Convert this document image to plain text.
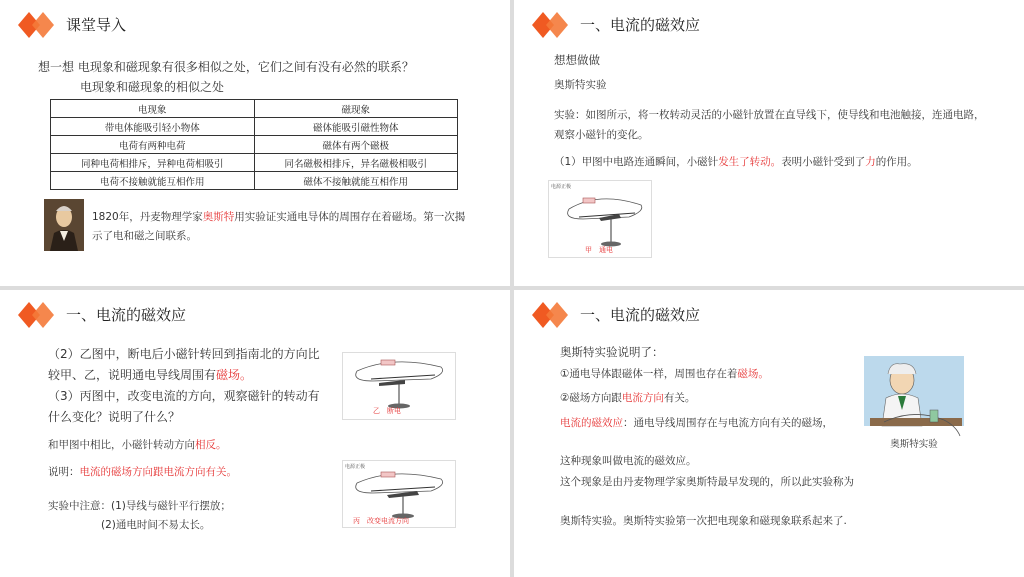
课堂导入
想一想 电现象和磁现象有很多相似之处，它们之间有没有必然的联系？
电现象和磁现象的相似之处
电现象	磁现象
带电体能吸引轻小物体	磁体能吸引磁性物体
电荷有两种电荷	磁体有两个磁极
同种电荷相排斥，异种电荷相吸引	同名磁极相排斥，异名磁极相吸引
电荷不接触就能互相作用	磁体不接触就能互相作用
1820年，丹麦物理学家奥斯特用实验证实通电导体的周围存在着磁场。第一次揭示了电和磁之间联系。
一、电流的磁效应
想想做做
奥斯特实验
实验：如图所示，将一枚转动灵活的小磁针放置在直导线下，使导线和电池触接，连通电路，观察小磁针的变化。
（1）甲图中电路连通瞬间，小磁针发生了转动。表明小磁针受到了力的作用。
电源正极
甲　通电
一、电流的磁效应
（2）乙图中，断电后小磁针转回到指南北的方向比较甲、乙，说明通电导线周围有磁场。
（3）丙图中，改变电流的方向，观察磁针的转动有什么变化？说明了什么？
和甲图中相比，小磁针转动方向相反。
说明：电流的磁场方向跟电流方向有关。
实验中注意：(1)导线与磁针平行摆放；
(2)通电时间不易太长。
乙　断电
电源正极
丙　改变电流方向
一、电流的磁效应
奥斯特实验说明了：
①通电导体跟磁体一样，周围也存在着磁场。
②磁场方向跟电流方向有关。
电流的磁效应：通电导线周围存在与电流方向有关的磁场，
这种现象叫做电流的磁效应。
这个现象是由丹麦物理学家奥斯特最早发现的，所以此实验称为
奥斯特实验。奥斯特实验第一次把电现象和磁现象联系起来了.
奥斯特实验
